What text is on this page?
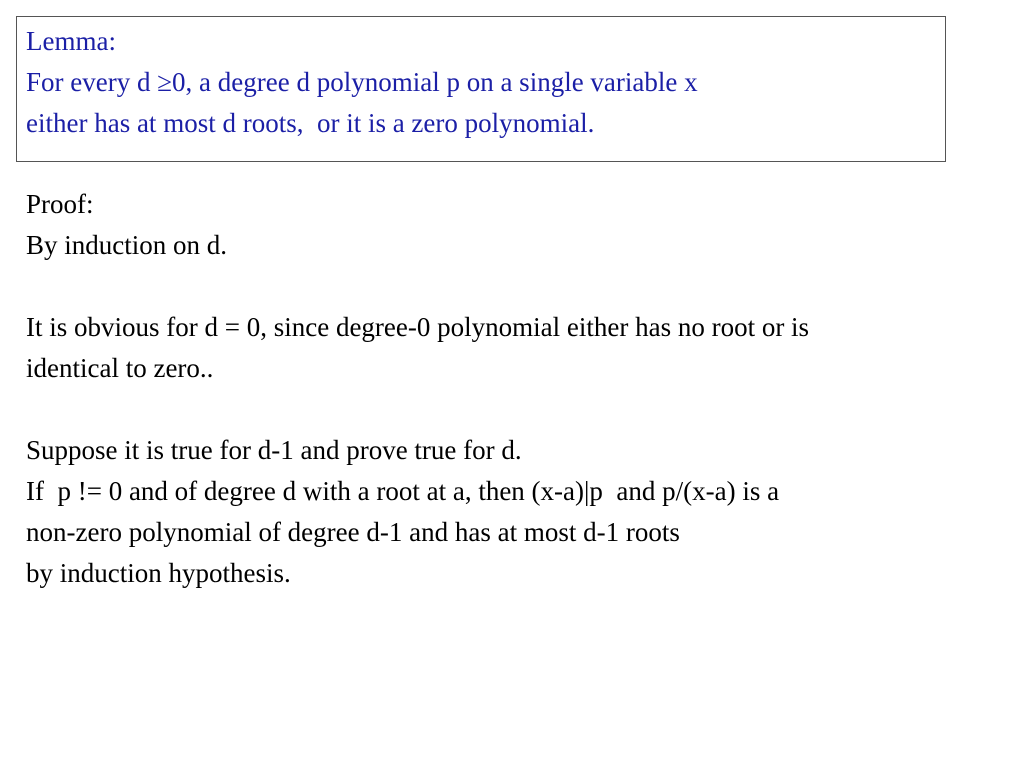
Lemma:
For every d ≥0, a degree d polynomial p on a single variable x
either has at most d roots,  or it is a zero polynomial.
Proof:
By induction on d.
It is obvious for d = 0, since degree-0 polynomial either has no root or is
identical to zero..
Suppose it is true for d-1 and prove true for d.
If  p != 0 and of degree d with a root at a, then (x-a)|p  and p/(x-a) is a
non-zero polynomial of degree d-1 and has at most d-1 roots
by induction hypothesis.
